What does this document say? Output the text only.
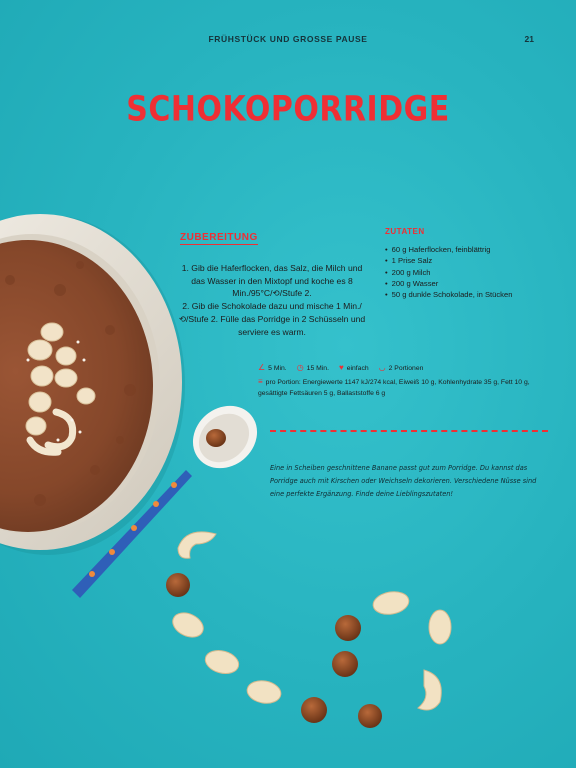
FRÜHSTÜCK UND GROSSE PAUSE	21
SCHOKOPORRIDGE
ZUBEREITUNG
1. Gib die Haferflocken, das Salz, die Milch und das Wasser in den Mixtopf und koche es 8 Min./95°C/⟲/Stufe 2.
2. Gib die Schokolade dazu und mische 1 Min./⟲/Stufe 2. Fülle das Porridge in 2 Schüsseln und serviere es warm.
ZUTATEN
• 60 g Haferflocken, feinblättrig
• 1 Prise Salz
• 200 g Milch
• 200 g Wasser
• 50 g dunkle Schokolade, in Stücken
∠ 5 Min. ◷ 15 Min. ♥ einfach ◡ 2 Portionen
≡ pro Portion: Energiewerte 1147 kJ/274 kcal, Eiweiß 10 g, Kohlenhydrate 35 g, Fett 10 g, gesättigte Fettsäuren 5 g, Ballaststoffe 6 g
Eine in Scheiben geschnittene Banane passt gut zum Porridge. Du kannst das Porridge auch mit Kirschen oder Weichseln dekorieren. Verschiedene Nüsse sind eine perfekte Ergänzung. Finde deine Lieblingszutaten!
